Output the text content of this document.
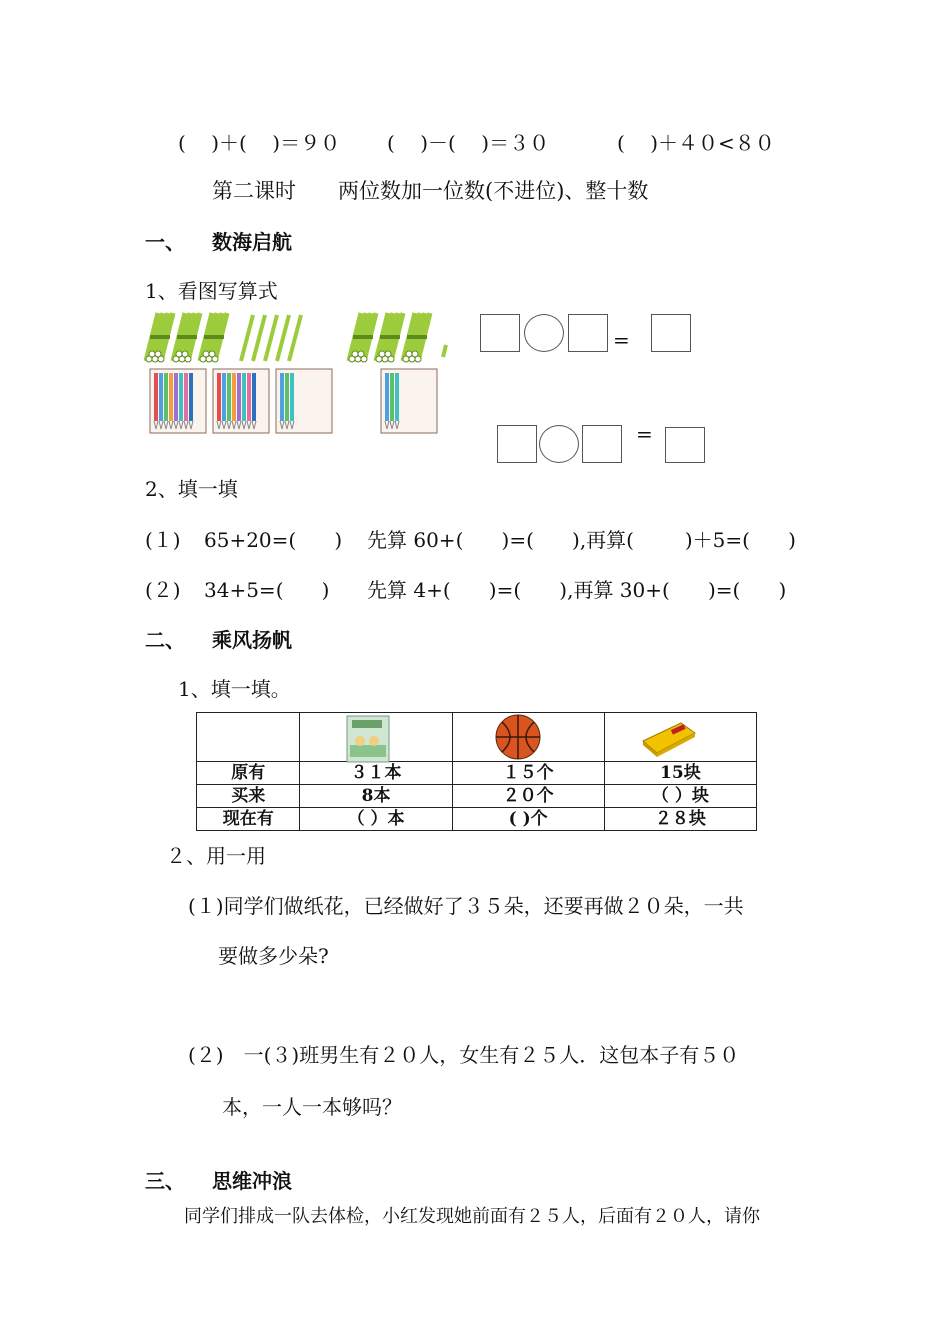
(    )＋(    )＝９０ (    )－(    )＝３０	(    )＋４０<８０
第二课时　　两位数加一位数(不进位)、整十数
一、 数海启航
1、看图写算式
=
=
2、填一填
(１) 65+20=(      ) 先算 60+(      )=(      ),再算(        )＋5=(      )
(２) 34+5=(      ) 先算 4+(      )=(      ),再算 30+(      )=(      )
二、 乘风扬帆
1、填一填。

原有	３１本	１５个	15块
买来	8本	２０个	（ ）块
现在有	（ ）本	( )个	２８块
２、用一用
(１)同学们做纸花，已经做好了３５朵，还要再做２０朵，一共
要做多少朵?
(２)　一(３)班男生有２０人，女生有２５人．这包本子有５０
本，一人一本够吗？
三、 思维冲浪
同学们排成一队去体检，小红发现她前面有２５人，后面有２０人，请你
